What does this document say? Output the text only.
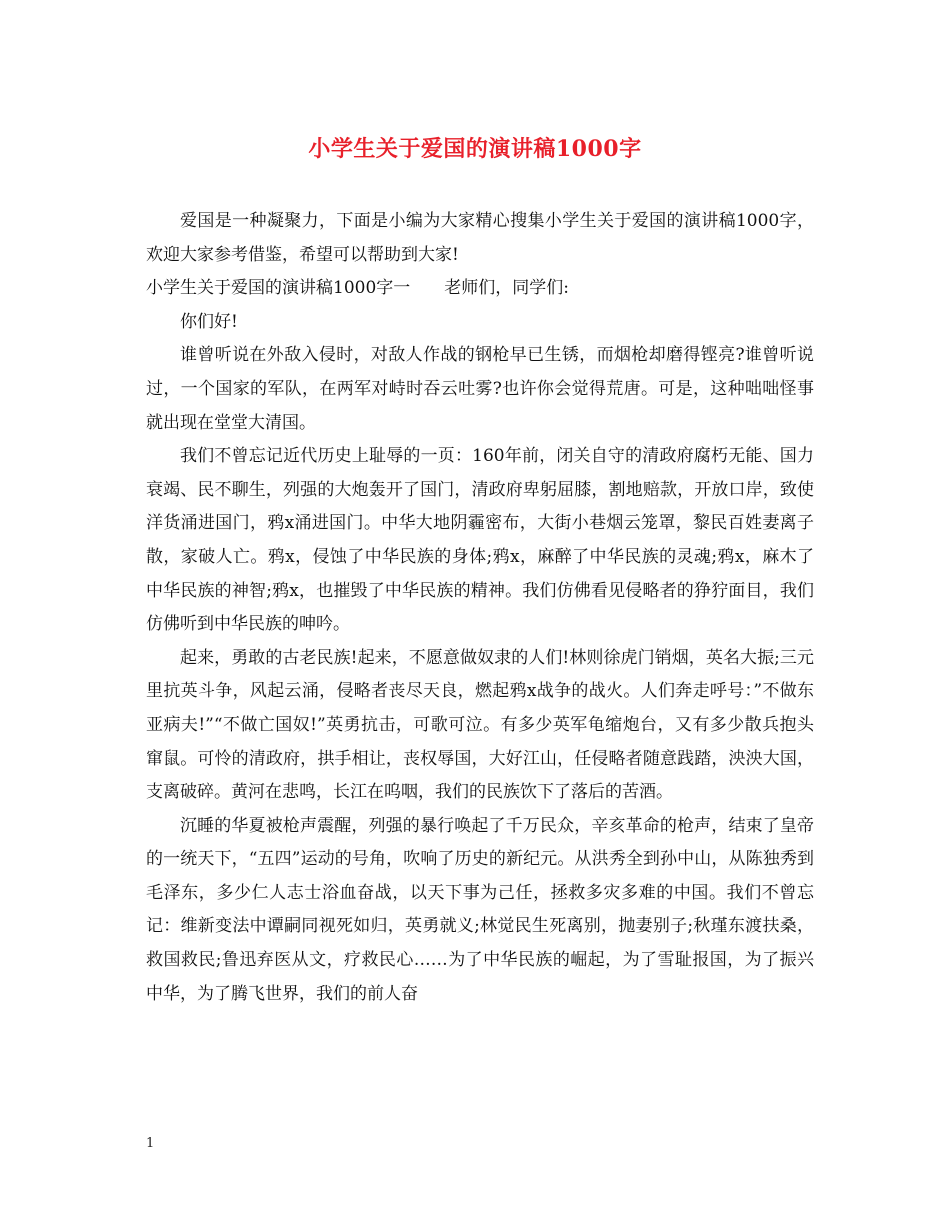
小学生关于爱国的演讲稿1000字

爱国是一种凝聚力，下面是小编为大家精心搜集小学生关于爱国的演讲稿1000字，欢迎大家参考借鉴，希望可以帮助到大家!

小学生关于爱国的演讲稿1000字一　　老师们，同学们:

你们好!

谁曾听说在外敌入侵时，对敌人作战的钢枪早已生锈，而烟枪却磨得铿亮?谁曾听说过，一个国家的军队，在两军对峙时吞云吐雾?也许你会觉得荒唐。可是，这种咄咄怪事就出现在堂堂大清国。

我们不曾忘记近代历史上耻辱的一页：160年前，闭关自守的清政府腐朽无能、国力衰竭、民不聊生，列强的大炮轰开了国门，清政府卑躬屈膝，割地赔款，开放口岸，致使洋货涌进国门，鸦x涌进国门。中华大地阴霾密布，大街小巷烟云笼罩，黎民百姓妻离子散，家破人亡。鸦x，侵蚀了中华民族的身体;鸦x，麻醉了中华民族的灵魂;鸦x，麻木了中华民族的神智;鸦x，也摧毁了中华民族的精神。我们仿佛看见侵略者的狰狞面目，我们仿佛听到中华民族的呻吟。

起来，勇敢的古老民族!起来，不愿意做奴隶的人们!林则徐虎门销烟，英名大振;三元里抗英斗争，风起云涌，侵略者丧尽天良，燃起鸦x战争的战火。人们奔走呼号：”不做东亚病夫!”“不做亡国奴!”英勇抗击，可歌可泣。有多少英军龟缩炮台，又有多少散兵抱头窜鼠。可怜的清政府，拱手相让，丧权辱国，大好江山，任侵略者随意践踏，泱泱大国，支离破碎。黄河在悲鸣，长江在呜咽，我们的民族饮下了落后的苦酒。

沉睡的华夏被枪声震醒，列强的暴行唤起了千万民众，辛亥革命的枪声，结束了皇帝的一统天下，“五四”运动的号角，吹响了历史的新纪元。从洪秀全到孙中山，从陈独秀到毛泽东，多少仁人志士浴血奋战，以天下事为己任，拯救多灾多难的中国。我们不曾忘记：维新变法中谭嗣同视死如归，英勇就义;林觉民生死离别，抛妻别子;秋瑾东渡扶桑，救国救民;鲁迅弃医从文，疗救民心……为了中华民族的崛起，为了雪耻报国，为了振兴中华，为了腾飞世界，我们的前人奋

1
